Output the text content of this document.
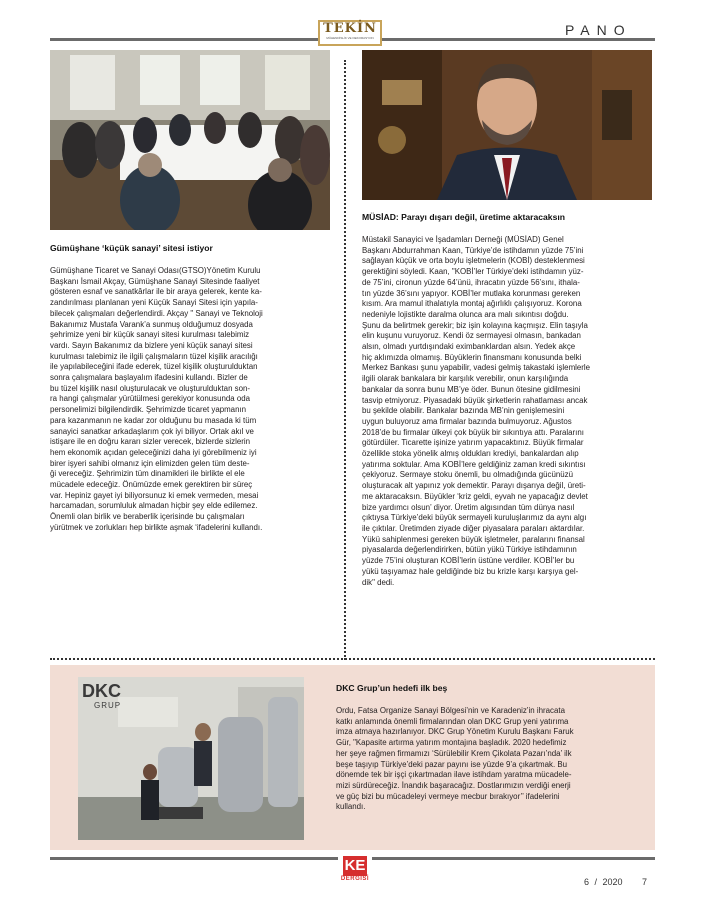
TEKİN
MÜHENDİSLİK VE DEKORASYON	PANO
Gümüşhane ‘küçük sanayi’ sitesi istiyor
Gümüşhane Ticaret ve Sanayi Odası(GTSO)Yönetim Kurulu
Başkanı İsmail Akçay, Gümüşhane Sanayi Sitesinde faaliyet
gösteren esnaf ve sanatkârlar ile bir araya gelerek, kente ka-
zandırılması planlanan yeni Küçük Sanayi Sitesi için yapıla-
bilecek çalışmaları değerlendirdi. Akçay " Sanayi ve Teknoloji
Bakanımız Mustafa Varank’a sunmuş olduğumuz dosyada
şehrimize yeni bir küçük sanayi sitesi kurulması talebimiz
vardı. Sayın Bakanımız da bizlere yeni küçük sanayi sitesi
kurulması talebimiz ile ilgili çalışmaların tüzel kişilik aracılığı
ile yapılabileceğini ifade ederek, tüzel kişilik oluşturulduktan
sonra çalışmalara başlayalım ifadesini kullandı. Bizler de
bu tüzel kişilik nasıl oluşturulacak ve oluşturulduktan son-
ra hangi çalışmalar yürütülmesi gerekiyor konusunda oda
personelimizi bilgilendirdik. Şehrimizde ticaret yapmanın
para kazanmanın ne kadar zor olduğunu bu masada ki tüm
sanayici sanatkar arkadaşlarım çok iyi biliyor. Ortak akıl ve
istişare ile en doğru kararı sizler verecek, bizlerde sizlerin
hem ekonomik açıdan geleceğinizi daha iyi görebilmeniz iyi
birer işyeri sahibi olmanız için elimizden gelen tüm deste-
ği vereceğiz. Şehrimizin tüm dinamikleri ile birlikte el ele
mücadele edeceğiz. Önümüzde emek gerektiren bir süreç
var. Hepiniz gayet iyi biliyorsunuz ki emek vermeden, mesai
harcamadan, sorumluluk almadan hiçbir şey elde edilemez.
Önemli olan birlik ve beraberlik içerisinde bu çalışmaları
yürütmek ve zorlukları hep birlikte aşmak ‘ifadelerini kullandı.
MÜSİAD: Parayı dışarı değil, üretime aktaracaksın
Müstakil Sanayici ve İşadamları Derneği (MÜSİAD) Genel
Başkanı Abdurrahman Kaan, Türkiye’de istihdamın yüzde 75’ini
sağlayan küçük ve orta boylu işletmelerin (KOBİ) desteklenmesi
gerektiğini söyledi. Kaan, "KOBİ’ler Türkiye’deki istihdamın yüz-
de 75’ini, cironun yüzde 64’ünü, ihracatın yüzde 56’sını, ithala-
tın yüzde 36’sını yapıyor. KOBİ’ler mutlaka korunması gereken
kısım. Ara mamul ithalatıyla montaj ağırlıklı çalışıyoruz. Korona
nedeniyle lojistikte daralma olunca ara malı sıkıntısı doğdu.
Şunu da belirtmek gerekir; biz işin kolayına kaçmışız. Elin taşıyla
elin kuşunu vuruyoruz. Kendi öz sermayesi olmasın, bankadan
alsın, olmadı yurtdışındaki eximbanklardan alsın. Yedek akçe
hiç aklımızda olmamış. Büyüklerin finansmanı konusunda belki
Merkez Bankası şunu yapabilir, vadesi gelmiş takastaki işlemlerle
ilgili olarak bankalara bir karşılık verebilir, onun karşılığında
bankalar da sonra bunu MB’ye öder. Bunun ötesine gidilmesini
tasvip etmiyoruz. Piyasadaki büyük şirketlerin rahatlaması ancak
bu şekilde olabilir. Bankalar bazında MB’nin genişlemesini
uygun buluyoruz ama firmalar bazında bulmuyoruz. Ağustos
2018’de bu firmalar ülkeyi çok büyük bir sıkıntıya attı. Paralarını
götürdüler. Ticarette işinize yatırım yapacaktınız. Büyük firmalar
özellikle stoka yönelik almış oldukları krediyi, bankalardan alıp
yatırıma soktular. Ama KOBİ’lere geldiğiniz zaman kredi sıkıntısı
çekiyoruz. Sermaye stoku önemli, bu olmadığında gücünüzü
oluşturacak alt yapınız yok demektir. Parayı dışarıya değil, üreti-
me aktaracaksın. Büyükler ‘kriz geldi, eyvah ne yapacağız devlet
bize yardımcı olsun’ diyor. Üretim algısından tüm dünya nasıl
çıktıysa Türkiye’deki büyük sermayeli kuruluşlarımız da aynı algı
ile çıktılar. Üretimden ziyade diğer piyasalara paraları aktardılar.
Yükü sahiplenmesi gereken büyük işletmeler, paralarını finansal
piyasalarda değerlendirirken, bütün yükü Türkiye istihdamının
yüzde 75’ini oluşturan KOBİ’lerin üstüne verdiler. KOBİ’ler bu
yükü taşıyamaz hale geldiğinde biz bu krizle karşı karşıya gel-
dik" dedi.
DKC
GRUP
DKC Grup’un hedefi ilk beş
Ordu, Fatsa Organize Sanayi Bölgesi’nin ve Karadeniz’in ihracata
katkı anlamında önemli firmalarından olan DKC Grup yeni yatırıma
imza atmaya hazırlanıyor. DKC Grup Yönetim Kurulu Başkanı Faruk
Gür, "Kapasite artırma yatırım montajına başladık. 2020 hedefimiz
her şeye rağmen firmamızı ‘Sürülebilir Krem Çikolata Pazarı’nda’ ilk
beşe taşıyıp Türkiye’deki pazar payını ise yüzde 9’a çıkartmak. Bu
dönemde tek bir işçi çıkartmadan ilave istihdam yaratma mücadele-
mizi sürdüreceğiz. İnandık başaracağız. Dostlarımızın verdiği enerji
ve güç bizi bu mücadeleyi vermeye mecbur bırakıyor’’ ifadelerini
kullandı.
KE
DERGİSİ	6 / 2020 7
